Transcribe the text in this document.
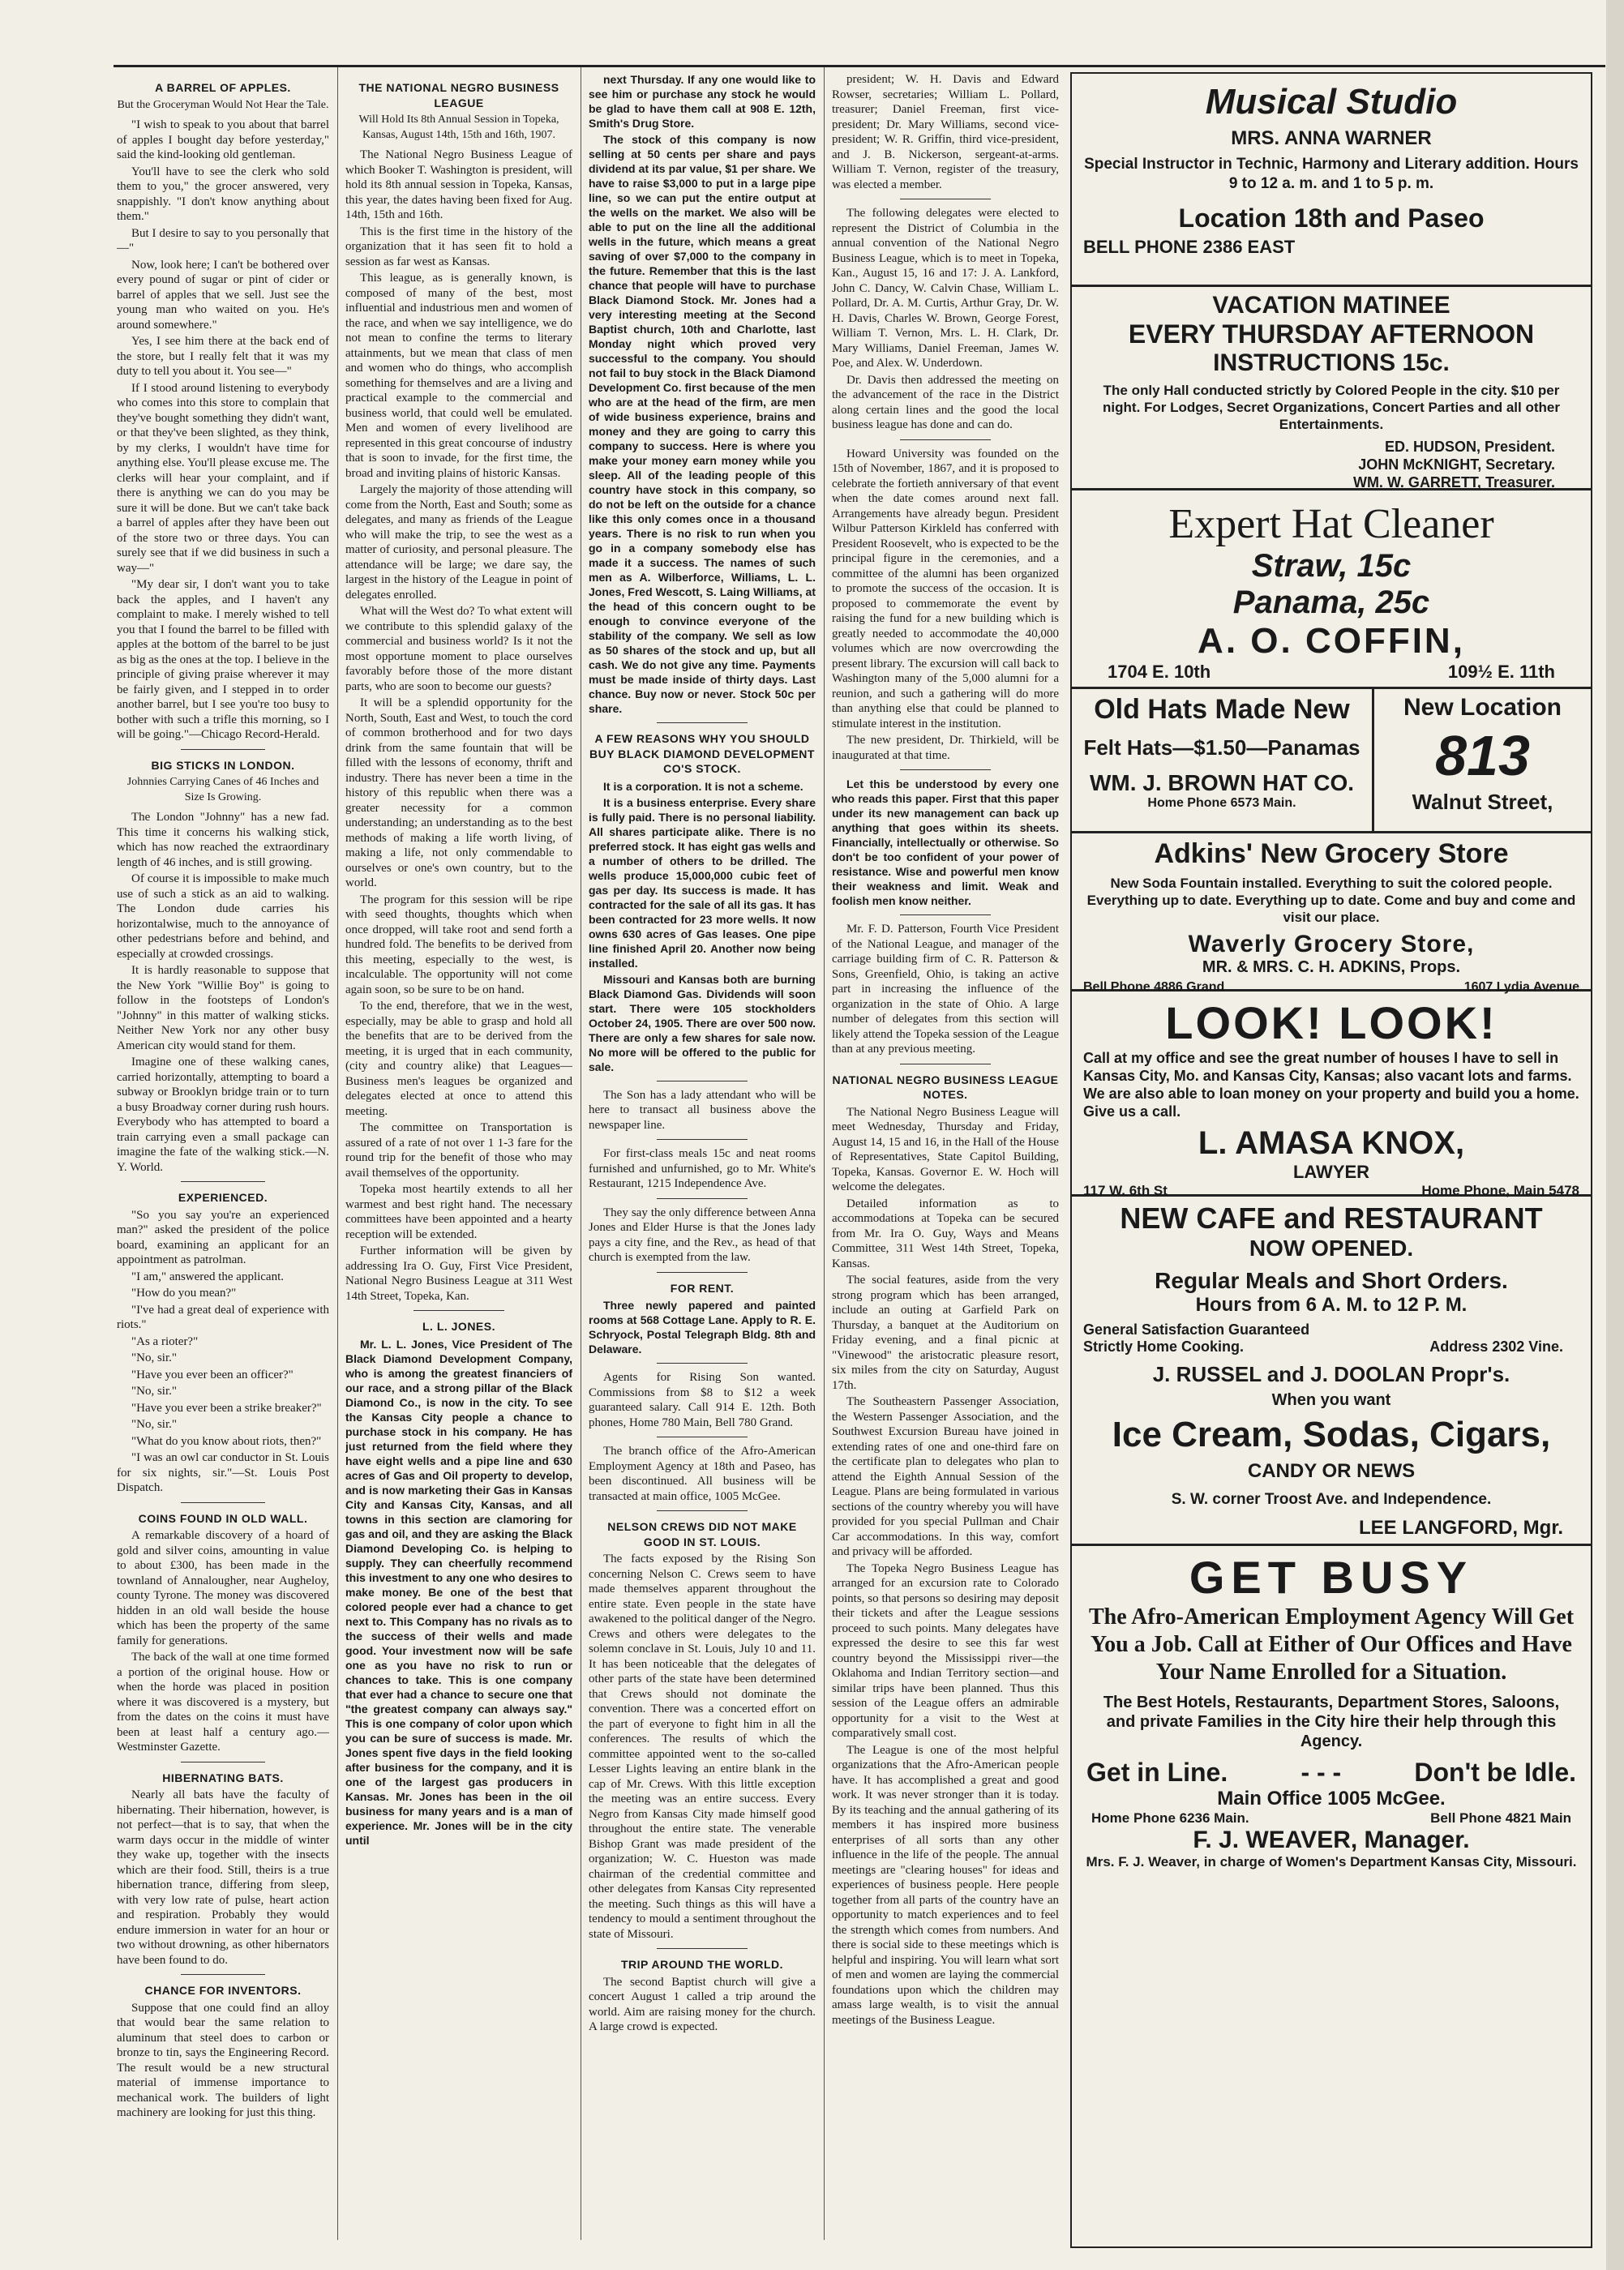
A BARREL OF APPLES.
But the Groceryman Would Not Hear the Tale.

"I wish to speak to you about that barrel of apples I bought day before yesterday," said the kind-looking old gentleman.

You'll have to see the clerk who sold them to you," the grocer answered, very snappishly. "I don't know anything about them."

But I desire to say to you personally that—"

Now, look here; I can't be bothered over every pound of sugar or pint of cider or barrel of apples that we sell. Just see the young man who waited on you. He's around somewhere."

Yes, I see him there at the back end of the store, but I really felt that it was my duty to tell you about it. You see—"

If I stood around listening to everybody who comes into this store to complain that they've bought something they didn't want, or that they've been slighted, as they think, by my clerks, I wouldn't have time for anything else. You'll please excuse me. The clerks will hear your complaint, and if there is anything we can do you may be sure it will be done. But we can't take back a barrel of apples after they have been out of the store two or three days. You can surely see that if we did business in such a way—"

"My dear sir, I don't want you to take back the apples, and I haven't any complaint to make. I merely wished to tell you that I found the barrel to be filled with apples at the bottom of the barrel to be just as big as the ones at the top. I believe in the principle of giving praise wherever it may be fairly given, and I stepped in to order another barrel, but I see you're too busy to bother with such a trifle this morning, so I will be going."—Chicago Record-Herald.

BIG STICKS IN LONDON.
Johnnies Carrying Canes of 46 Inches and Size Is Growing.

The London "Johnny" has a new fad. This time it concerns his walking stick, which has now reached the extraordinary length of 46 inches, and is still growing.

Of course it is impossible to make much use of such a stick as an aid to walking. The London dude carries his horizontalwise, much to the annoyance of other pedestrians before and behind, and especially at crowded crossings.

It is hardly reasonable to suppose that the New York "Willie Boy" is going to follow in the footsteps of London's "Johnny" in this matter of walking sticks. Neither New York nor any other busy American city would stand for them.

Imagine one of these walking canes, carried horizontally, attempting to board a subway or Brooklyn bridge train or to turn a busy Broadway corner during rush hours. Everybody who has attempted to board a train carrying even a small package can imagine the fate of the walking stick.—N. Y. World.

EXPERIENCED.

"So you say you're an experienced man?" asked the president of the police board, examining an applicant for an appointment as patrolman.

"I am," answered the applicant.

"How do you mean?"

"I've had a great deal of experience with riots."

"As a rioter?"

"No, sir."

"Have you ever been an officer?"

"No, sir."

"Have you ever been a strike breaker?"

"No, sir."

"What do you know about riots, then?"

"I was an owl car conductor in St. Louis for six nights, sir."—St. Louis Post Dispatch.

COINS FOUND IN OLD WALL.

A remarkable discovery of a hoard of gold and silver coins, amounting in value to about £300, has been made in the townland of Annalougher, near Augheloy, county Tyrone. The money was discovered hidden in an old wall beside the house which has been the property of the same family for generations.

The back of the wall at one time formed a portion of the original house. How or when the horde was placed in position where it was discovered is a mystery, but from the dates on the coins it must have been at least half a century ago.—Westminster Gazette.

HIBERNATING BATS.

Nearly all bats have the faculty of hibernating. Their hibernation, however, is not perfect—that is to say, that when the warm days occur in the middle of winter they wake up, together with the insects which are their food. Still, theirs is a true hibernation trance, differing from sleep, with very low rate of pulse, heart action and respiration. Probably they would endure immersion in water for an hour or two without drowning, as other hibernators have been found to do.

CHANCE FOR INVENTORS.

Suppose that one could find an alloy that would bear the same relation to aluminum that steel does to carbon or bronze to tin, says the Engineering Record. The result would be a new structural material of immense importance to mechanical work. The builders of light machinery are looking for just this thing.

THE NATIONAL NEGRO BUSINESS LEAGUE
Will Hold Its 8th Annual Session in Topeka, Kansas, August 14th, 15th and 16th, 1907.

The National Negro Business League of which Booker T. Washington is president, will hold its 8th annual session in Topeka, Kansas, this year, the dates having been fixed for Aug. 14th, 15th and 16th.

This is the first time in the history of the organization that it has seen fit to hold a session as far west as Kansas.

This league, as is generally known, is composed of many of the best, most influential and industrious men and women of the race, and when we say intelligence, we do not mean to confine the terms to literary attainments, but we mean that class of men and women who do things, who accomplish something for themselves and are a living and practical example to the commercial and business world, that could well be emulated. Men and women of every livelihood are represented in this great concourse of industry that is soon to invade, for the first time, the broad and inviting plains of historic Kansas.

Largely the majority of those attending will come from the North, East and South; some as delegates, and many as friends of the League who will make the trip, to see the west as a matter of curiosity, and personal pleasure. The attendance will be large; we dare say, the largest in the history of the League in point of delegates enrolled.

What will the West do? To what extent will we contribute to this splendid galaxy of the commercial and business world? Is it not the most opportune moment to place ourselves favorably before those of the more distant parts, who are soon to become our guests?

It will be a splendid opportunity for the North, South, East and West, to touch the cord of common brotherhood and for two days drink from the same fountain that will be filled with the lessons of economy, thrift and industry. There has never been a time in the history of this republic when there was a greater necessity for a common understanding; an understanding as to the best methods of making a life worth living, of making a life, not only commendable to ourselves or one's own country, but to the world.

The program for this session will be ripe with seed thoughts, thoughts which when once dropped, will take root and send forth a hundred fold. The benefits to be derived from this meeting, especially to the west, is incalculable. The opportunity will not come again soon, so be sure to be on hand.

To the end, therefore, that we in the west, especially, may be able to grasp and hold all the benefits that are to be derived from the meeting, it is urged that in each community, (city and country alike) that Leagues—Business men's leagues be organized and delegates elected at once to attend this meeting.

The committee on Transportation is assured of a rate of not over 1 1-3 fare for the round trip for the benefit of those who may avail themselves of the opportunity.

Topeka most heartily extends to all her warmest and best right hand. The necessary committees have been appointed and a hearty reception will be extended.

Further information will be given by addressing Ira O. Guy, First Vice President, National Negro Business League at 311 West 14th Street, Topeka, Kan.

L. L. JONES.

Mr. L. L. Jones, Vice President of The Black Diamond Development Company, who is among the greatest financiers of our race, and a strong pillar of the Black Diamond Co., is now in the city. To see the Kansas City people a chance to purchase stock in his company. He has just returned from the field where they have eight wells and a pipe line and 630 acres of Gas and Oil property to develop, and is now marketing their Gas in Kansas City and Kansas City, Kansas, and all towns in this section are clamoring for gas and oil, and they are asking the Black Diamond Developing Co. is helping to supply. They can cheerfully recommend this investment to any one who desires to make money. Be one of the best that colored people ever had a chance to get next to. This Company has no rivals as to the success of their wells and made good. Your investment now will be safe one as you have no risk to run or chances to take. This is one company that ever had a chance to secure one that "the greatest company can always say." This is one company of color upon which you can be sure of success is made. Mr. Jones spent five days in the field looking after business for the company, and it is one of the largest gas producers in Kansas. Mr. Jones has been in the oil business for many years and is a man of experience. Mr. Jones will be in the city until

next Thursday. If any one would like to see him or purchase any stock he would be glad to have them call at 908 E. 12th, Smith's Drug Store.

The stock of this company is now selling at 50 cents per share and pays dividend at its par value, $1 per share. We have to raise $3,000 to put in a large pipe line, so we can put the entire output at the wells on the market. We also will be able to put on the line all the additional wells in the future, which means a great saving of over $7,000 to the company in the future. Remember that this is the last chance that people will have to purchase Black Diamond Stock. Mr. Jones had a very interesting meeting at the Second Baptist church, 10th and Charlotte, last Monday night which proved very successful to the company. You should not fail to buy stock in the Black Diamond Development Co. first because of the men who are at the head of the firm, are men of wide business experience, brains and money and they are going to carry this company to success. Here is where you make your money earn money while you sleep. All of the leading people of this country have stock in this company, so do not be left on the outside for a chance like this only comes once in a thousand years. There is no risk to run when you go in a company somebody else has made it a success. The names of such men as A. Wilberforce, Williams, L. L. Jones, Fred Wescott, S. Laing Williams, at the head of this concern ought to be enough to convince everyone of the stability of the company. We sell as low as 50 shares of the stock and up, but all cash. We do not give any time. Payments must be made inside of thirty days. Last chance. Buy now or never. Stock 50c per share.

A FEW REASONS WHY YOU SHOULD BUY BLACK DIAMOND DEVELOPMENT CO'S STOCK.

It is a corporation. It is not a scheme.

It is a business enterprise. Every share is fully paid. There is no personal liability. All shares participate alike. There is no preferred stock. It has eight gas wells and a number of others to be drilled. The wells produce 15,000,000 cubic feet of gas per day. Its success is made. It has contracted for the sale of all its gas. It has been contracted for 23 more wells. It now owns 630 acres of Gas leases. One pipe line finished April 20. Another now being installed.

Missouri and Kansas both are burning Black Diamond Gas. Dividends will soon start. There were 105 stockholders October 24, 1905. There are over 500 now. There are only a few shares for sale now. No more will be offered to the public for sale.

The Son has a lady attendant who will be here to transact all business above the newspaper line.

For first-class meals 15c and neat rooms furnished and unfurnished, go to Mr. White's Restaurant, 1215 Independence Ave.

They say the only difference between Anna Jones and Elder Hurse is that the Jones lady pays a city fine, and the Rev., as head of that church is exempted from the law.

FOR RENT.

Three newly papered and painted rooms at 568 Cottage Lane. Apply to R. E. Schryock, Postal Telegraph Bldg. 8th and Delaware.

Agents for Rising Son wanted. Commissions from $8 to $12 a week guaranteed salary. Call 914 E. 12th. Both phones, Home 780 Main, Bell 780 Grand.

The branch office of the Afro-American Employment Agency at 18th and Paseo, has been discontinued. All business will be transacted at main office, 1005 McGee.

NELSON CREWS DID NOT MAKE GOOD IN ST. LOUIS.

The facts exposed by the Rising Son concerning Nelson C. Crews seem to have made themselves apparent throughout the entire state. Even people in the state have awakened to the political danger of the Negro. Crews and others were delegates to the solemn conclave in St. Louis, July 10 and 11. It has been noticeable that the delegates of other parts of the state have been determined that Crews should not dominate the convention. There was a concerted effort on the part of everyone to fight him in all the conferences. The results of which the committee appointed went to the so-called Lesser Lights leaving an entire blank in the cap of Mr. Crews. With this little exception the meeting was an entire success. Every Negro from Kansas City made himself good throughout the entire state. The venerable Bishop Grant was made president of the organization; W. C. Hueston was made chairman of the credential committee and other delegates from Kansas City represented the meeting. Such things as this will have a tendency to mould a sentiment throughout the state of Missouri.

TRIP AROUND THE WORLD.

The second Baptist church will give a concert August 1 called a trip around the world. Aim are raising money for the church. A large crowd is expected.

president; W. H. Davis and Edward Rowser, secretaries; William L. Pollard, treasurer; Daniel Freeman, first vice-president; Dr. Mary Williams, second vice-president; W. R. Griffin, third vice-president, and J. B. Nickerson, sergeant-at-arms. William T. Vernon, register of the treasury, was elected a member.

The following delegates were elected to represent the District of Columbia in the annual convention of the National Negro Business League, which is to meet in Topeka, Kan., August 15, 16 and 17: J. A. Lankford, John C. Dancy, W. Calvin Chase, William L. Pollard, Dr. A. M. Curtis, Arthur Gray, Dr. W. H. Davis, Charles W. Brown, George Forest, William T. Vernon, Mrs. L. H. Clark, Dr. Mary Williams, Daniel Freeman, James W. Poe, and Alex. W. Underdown.

Dr. Davis then addressed the meeting on the advancement of the race in the District along certain lines and the good the local business league has done and can do.

Howard University was founded on the 15th of November, 1867, and it is proposed to celebrate the fortieth anniversary of that event when the date comes around next fall. Arrangements have already begun. President Wilbur Patterson Kirkleld has conferred with President Roosevelt, who is expected to be the principal figure in the ceremonies, and a committee of the alumni has been organized to promote the success of the occasion. It is proposed to commemorate the event by raising the fund for a new building which is greatly needed to accommodate the 40,000 volumes which are now overcrowding the present library. The excursion will call back to Washington many of the 5,000 alumni for a reunion, and such a gathering will do more than anything else that could be planned to stimulate interest in the institution.

The new president, Dr. Thirkield, will be inaugurated at that time.

Let this be understood by every one who reads this paper. First that this paper under its new management can back up anything that goes within its sheets. Financially, intellectually or otherwise. So don't be too confident of your power of resistance. Wise and powerful men know their weakness and limit. Weak and foolish men know neither.

Mr. F. D. Patterson, Fourth Vice President of the National League, and manager of the carriage building firm of C. R. Patterson & Sons, Greenfield, Ohio, is taking an active part in increasing the influence of the organization in the state of Ohio. A large number of delegates from this section will likely attend the Topeka session of the League than at any previous meeting.

NATIONAL NEGRO BUSINESS LEAGUE NOTES.

The National Negro Business League will meet Wednesday, Thursday and Friday, August 14, 15 and 16, in the Hall of the House of Representatives, State Capitol Building, Topeka, Kansas. Governor E. W. Hoch will welcome the delegates.

Detailed information as to accommodations at Topeka can be secured from Mr. Ira O. Guy, Ways and Means Committee, 311 West 14th Street, Topeka, Kansas.

The social features, aside from the very strong program which has been arranged, include an outing at Garfield Park on Thursday, a banquet at the Auditorium on Friday evening, and a final picnic at "Vinewood" the aristocratic pleasure resort, six miles from the city on Saturday, August 17th.

The Southeastern Passenger Association, the Western Passenger Association, and the Southwest Excursion Bureau have joined in extending rates of one and one-third fare on the certificate plan to delegates who plan to attend the Eighth Annual Session of the League. Plans are being formulated in various sections of the country whereby you will have provided for you special Pullman and Chair Car accommodations. In this way, comfort and privacy will be afforded.

The Topeka Negro Business League has arranged for an excursion rate to Colorado points, so that persons so desiring may deposit their tickets and after the League sessions proceed to such points. Many delegates have expressed the desire to see this far west country beyond the Mississippi river—the Oklahoma and Indian Territory section—and similar trips have been planned. Thus this session of the League offers an admirable opportunity for a visit to the West at comparatively small cost.

The League is one of the most helpful organizations that the Afro-American people have. It has accomplished a great and good work. It was never stronger than it is today. By its teaching and the annual gathering of its members it has inspired more business enterprises of all sorts than any other influence in the life of the people. The annual meetings are "clearing houses" for ideas and experiences of business people. Here people together from all parts of the country have an opportunity to match experiences and to feel the strength which comes from numbers. And there is social side to these meetings which is helpful and inspiring. You will learn what sort of men and women are laying the commercial foundations upon which the children may amass large wealth, is to visit the annual meetings of the Business League.

Musical Studio
MRS. ANNA WARNER
Special Instructor in Technic, Harmony and Literary addition. Hours 9 to 12 a. m. and 1 to 5 p. m.
Location 18th and Paseo
BELL PHONE 2386 EAST
VACATION MATINEE
EVERY THURSDAY AFTERNOON
INSTRUCTIONS 15c.
The only Hall conducted strictly by Colored People in the city. $10 per night. For Lodges, Secret Organizations, Concert Parties and all other Entertainments.
ED. HUDSON, President.
JOHN McKNIGHT, Secretary.
WM. W. GARRETT, Treasurer.
Expert Hat Cleaner
Straw, 15c
Panama, 25c
A. O. COFFIN,
1704 E. 10th	109½ E. 11th
Old Hats Made New
Felt Hats—$1.50—Panamas
WM. J. BROWN HAT CO.
Home Phone 6573 Main.
New Location
813
Walnut Street,
Adkins' New Grocery Store
New Soda Fountain installed. Everything to suit the colored people. Everything up to date. Everything up to date. Come and buy and come and visit our place.
Waverly Grocery Store,
MR. & MRS. C. H. ADKINS, Props.
Bell Phone 4886 Grand	1607 Lydia Avenue
LOOK! LOOK!
Call at my office and see the great number of houses I have to sell in Kansas City, Mo. and Kansas City, Kansas; also vacant lots and farms.
We are also able to loan money on your property and build you a home. Give us a call.
L. AMASA KNOX,
LAWYER
117 W. 6th St	Home Phone, Main 5478
NEW CAFE and RESTAURANT
NOW OPENED.
Regular Meals and Short Orders.
Hours from 6 A. M. to 12 P. M.
General Satisfaction Guaranteed
Strictly Home Cooking.	Address 2302 Vine.
J. RUSSEL and J. DOOLAN Propr's.
When you want
Ice Cream, Sodas, Cigars,
CANDY OR NEWS
S. W. corner Troost Ave. and Independence.
LEE LANGFORD, Mgr.
GET BUSY
The Afro-American Employment Agency Will Get You a Job. Call at Either of Our Offices and Have Your Name Enrolled for a Situation.
The Best Hotels, Restaurants, Department Stores, Saloons, and private Families in the City hire their help through this Agency.
Get in Line.	- - -	Don't be Idle.
Main Office 1005 McGee.
Home Phone 6236 Main.	Bell Phone 4821 Main
F. J. WEAVER, Manager.
Mrs. F. J. Weaver, in charge of Women's Department Kansas City, Missouri.
